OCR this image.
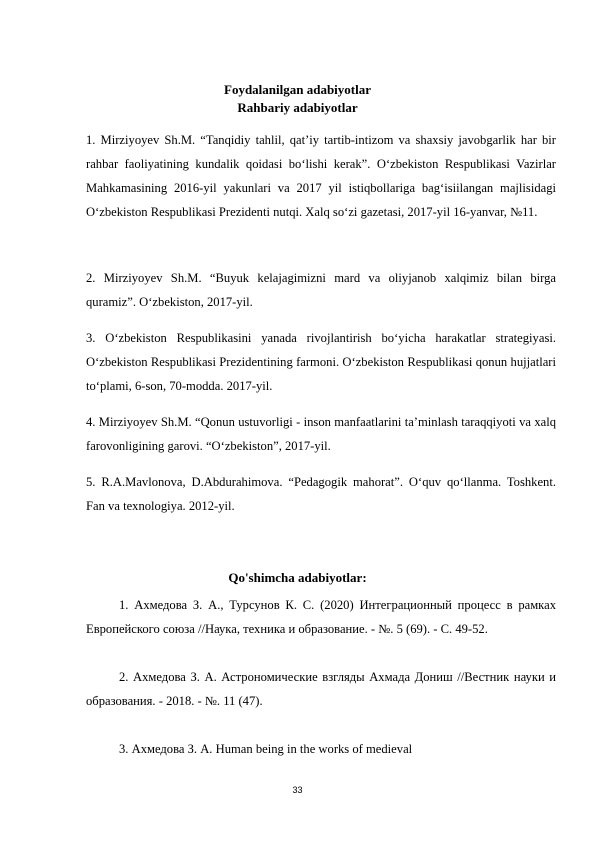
Foydalanilgan adabiyotlar
Rahbariy adabiyotlar

1. Mirziyoyev Sh.M. “Tanqidiy tahlil, qat’iy tartib-intizom va shaxsiy javobgarlik har bir rahbar faoliyatining kundalik qoidasi bo‘lishi kerak”. O‘zbekiston Respublikasi Vazirlar Mahkamasining 2016-yil yakunlari va 2017 yil istiqbollariga bag‘isiilangan majlisidagi O‘zbekiston Respublikasi Prezidenti nutqi. Xalq so‘zi gazetasi, 2017-yil 16-yanvar, №11.

2. Mirziyoyev Sh.M. “Buyuk kelajagimizni mard va oliyjanob xalqimiz bilan birga quramiz”. O‘zbekiston, 2017-yil.

3. O‘zbekiston Respublikasini yanada rivojlantirish bo‘yicha harakatlar strategiyasi. O‘zbekiston Respublikasi Prezidentining farmoni. O‘zbekiston Respublikasi qonun hujjatlari to‘plami, 6-son, 70-modda. 2017-yil.

4. Mirziyoyev Sh.M. “Qonun ustuvorligi - inson manfaatlarini ta’minlash taraqqiyoti va xalq farovonligining garovi. “O‘zbekiston”, 2017-yil.

5. R.A.Mavlonova, D.Abdurahimova. “Pedagogik mahorat”. O‘quv qo‘llanma. Toshkent. Fan va texnologiya. 2012-yil.

Qo'shimcha adabiyotlar:

1. Ахмедова З. А., Турсунов К. С. (2020) Интеграционный процесс в рамках Европейского союза //Наука, техника и образование. - №. 5 (69). - С. 49-52.

2. Ахмедова З. А. Астрономические взгляды Ахмада Дониш //Вестник науки и образования. - 2018. - №. 11 (47).

3. Ахмедова З. А. Human being in the works of medieval

33
